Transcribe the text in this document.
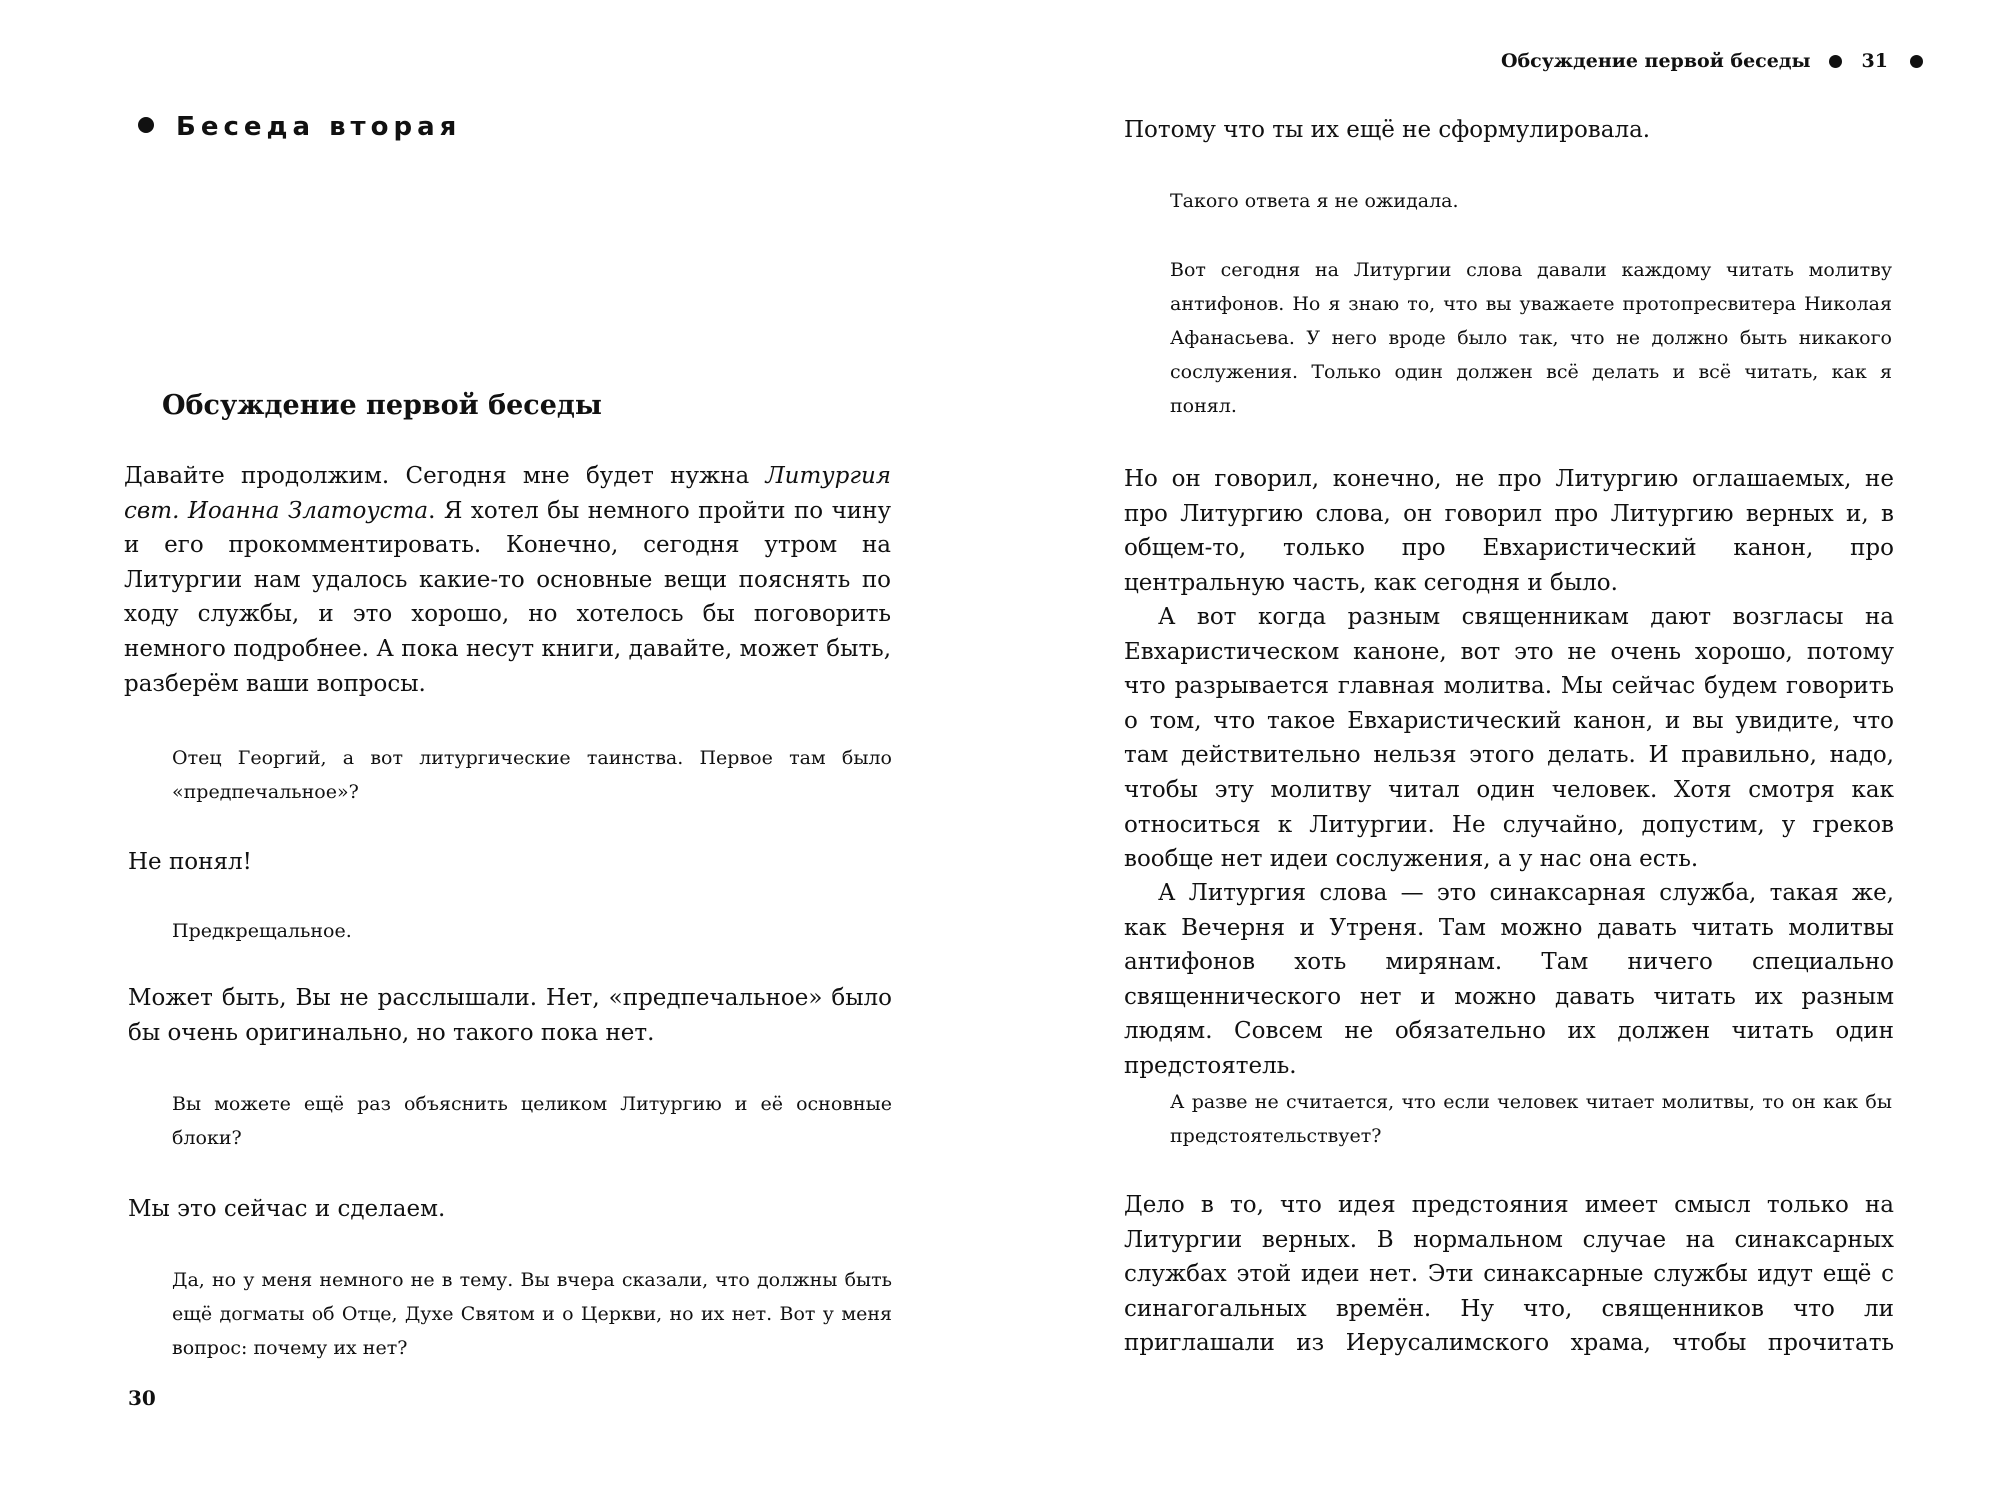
Беседа вторая
Обсуждение первой беседы

Давайте продолжим. Сегодня мне будет нужна Литургия свт. Иоанна Златоуста. Я хотел бы немного пройти по чину и его прокомментировать. Конечно, сегодня утром на Литургии нам удалось какие-то основные вещи пояснять по ходу службы, и это хорошо, но хотелось бы поговорить немного подробнее. А пока несут книги, давайте, может быть, разберём ваши вопросы.

Отец Георгий, а вот литургические таинства. Первое там было «предпечальное»?

Не понял!

Предкрещальное.

Может быть, Вы не расслышали. Нет, «предпечальное» было бы очень оригинально, но такого пока нет.

Вы можете ещё раз объяснить целиком Литургию и её основные блоки?

Мы это сейчас и сделаем.

Да, но у меня немного не в тему. Вы вчера сказали, что должны быть ещё догматы об Отце, Духе Святом и о Церкви, но их нет. Вот у меня вопрос: почему их нет?

30
Обсуждение первой беседы	31

Потому что ты их ещё не сформулировала.

Такого ответа я не ожидала.

Вот сегодня на Литургии слова давали каждому читать молитву антифонов. Но я знаю то, что вы уважаете протопресвитера Николая Афанасьева. У него вроде было так, что не должно быть никакого сослужения. Только один должен всё делать и всё читать, как я понял.

Но он говорил, конечно, не про Литургию оглашаемых, не про Литургию слова, он говорил про Литургию верных и, в общем-то, только про Евхаристический канон, про центральную часть, как сегодня и было.

А вот когда разным священникам дают возгласы на Евхаристическом каноне, вот это не очень хорошо, потому что разрывается главная молитва. Мы сейчас будем говорить о том, что такое Евхаристический канон, и вы увидите, что там действительно нельзя этого делать. И правильно, надо, чтобы эту молитву читал один человек. Хотя смотря как относиться к Литургии. Не случайно, допустим, у греков вообще нет идеи сослужения, а у нас она есть.

А Литургия слова — это синаксарная служба, такая же, как Вечерня и Утреня. Там можно давать читать молитвы антифонов хоть мирянам. Там ничего специально священнического нет и можно давать читать их разным людям. Совсем не обязательно их должен читать один предстоятель.

А разве не считается, что если человек читает молитвы, то он как бы предстоятельствует?

Дело в то, что идея предстояния имеет смысл только на Литургии верных. В нормальном случае на синаксарных службах этой идеи нет. Эти синаксарные службы идут ещё с синагогальных времён. Ну что, священников что ли приглашали из Иерусалимского храма, чтобы прочитать
